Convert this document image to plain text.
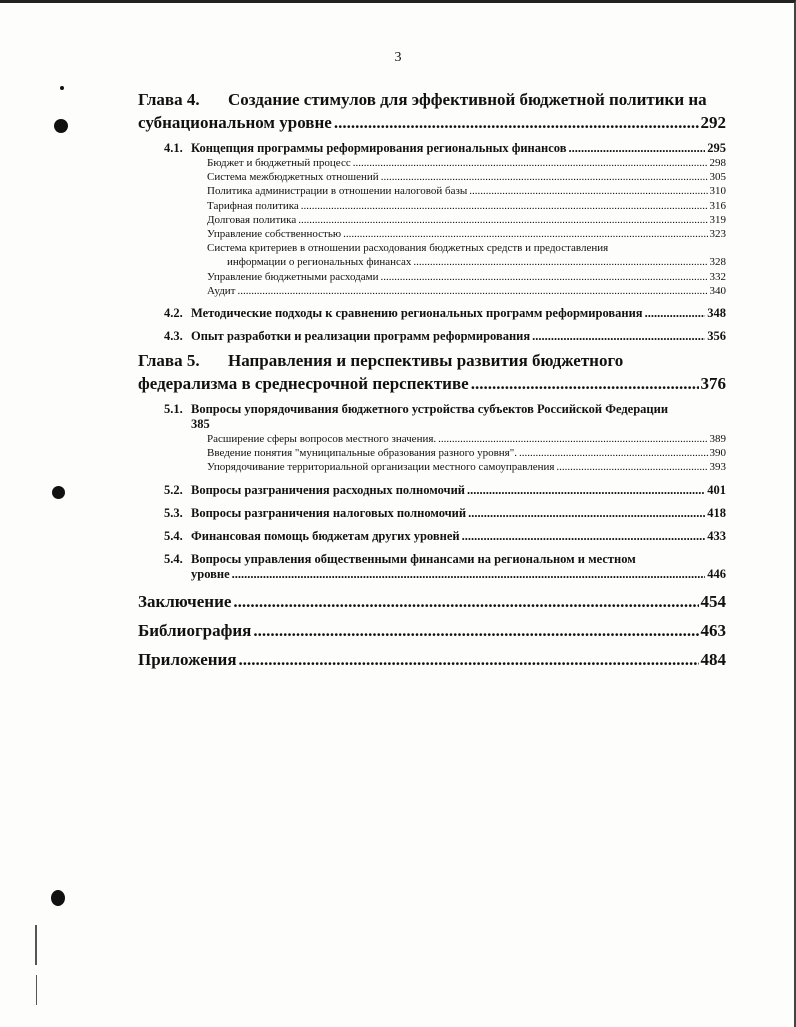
3
Глава 4.	Создание стимулов для эффективной бюджетной политики на
субнациональном уровне .....	292
4.1. Концепция программы реформирования региональных финансов .....	295
Бюджет и бюджетный процесс .....	298
Система межбюджетных отношений .....	305
Политика администрации в отношении налоговой базы .....	310
Тарифная политика .....	316
Долговая политика .....	319
Управление собственностью .....	323
Система критериев в отношении расходования бюджетных средств и предоставления
информации о региональных финансах .....	328
Управление бюджетными расходами .....	332
Аудит .....	340
4.2. Методические подходы к сравнению региональных программ реформирования .....	348
4.3. Опыт разработки и реализации программ реформирования .....	356
Глава 5.	Направления и перспективы развития бюджетного
федерализма в среднесрочной перспективе .....	376
5.1. Вопросы упорядочивания бюджетного устройства субъектов Российской Федерации
385
Расширение сферы вопросов местного значения. .....	389
Введение понятия "муниципальные образования разного уровня". .....	390
Упорядочивание территориальной организации местного самоуправления .....	393
5.2. Вопросы разграничения расходных полномочий .....	401
5.3. Вопросы разграничения налоговых полномочий .....	418
5.4. Финансовая помощь бюджетам других уровней .....	433
5.4. Вопросы управления общественными финансами на региональном и местном
уровне .....	446
Заключение .....	454
Библиография .....	463
Приложения .....	484
